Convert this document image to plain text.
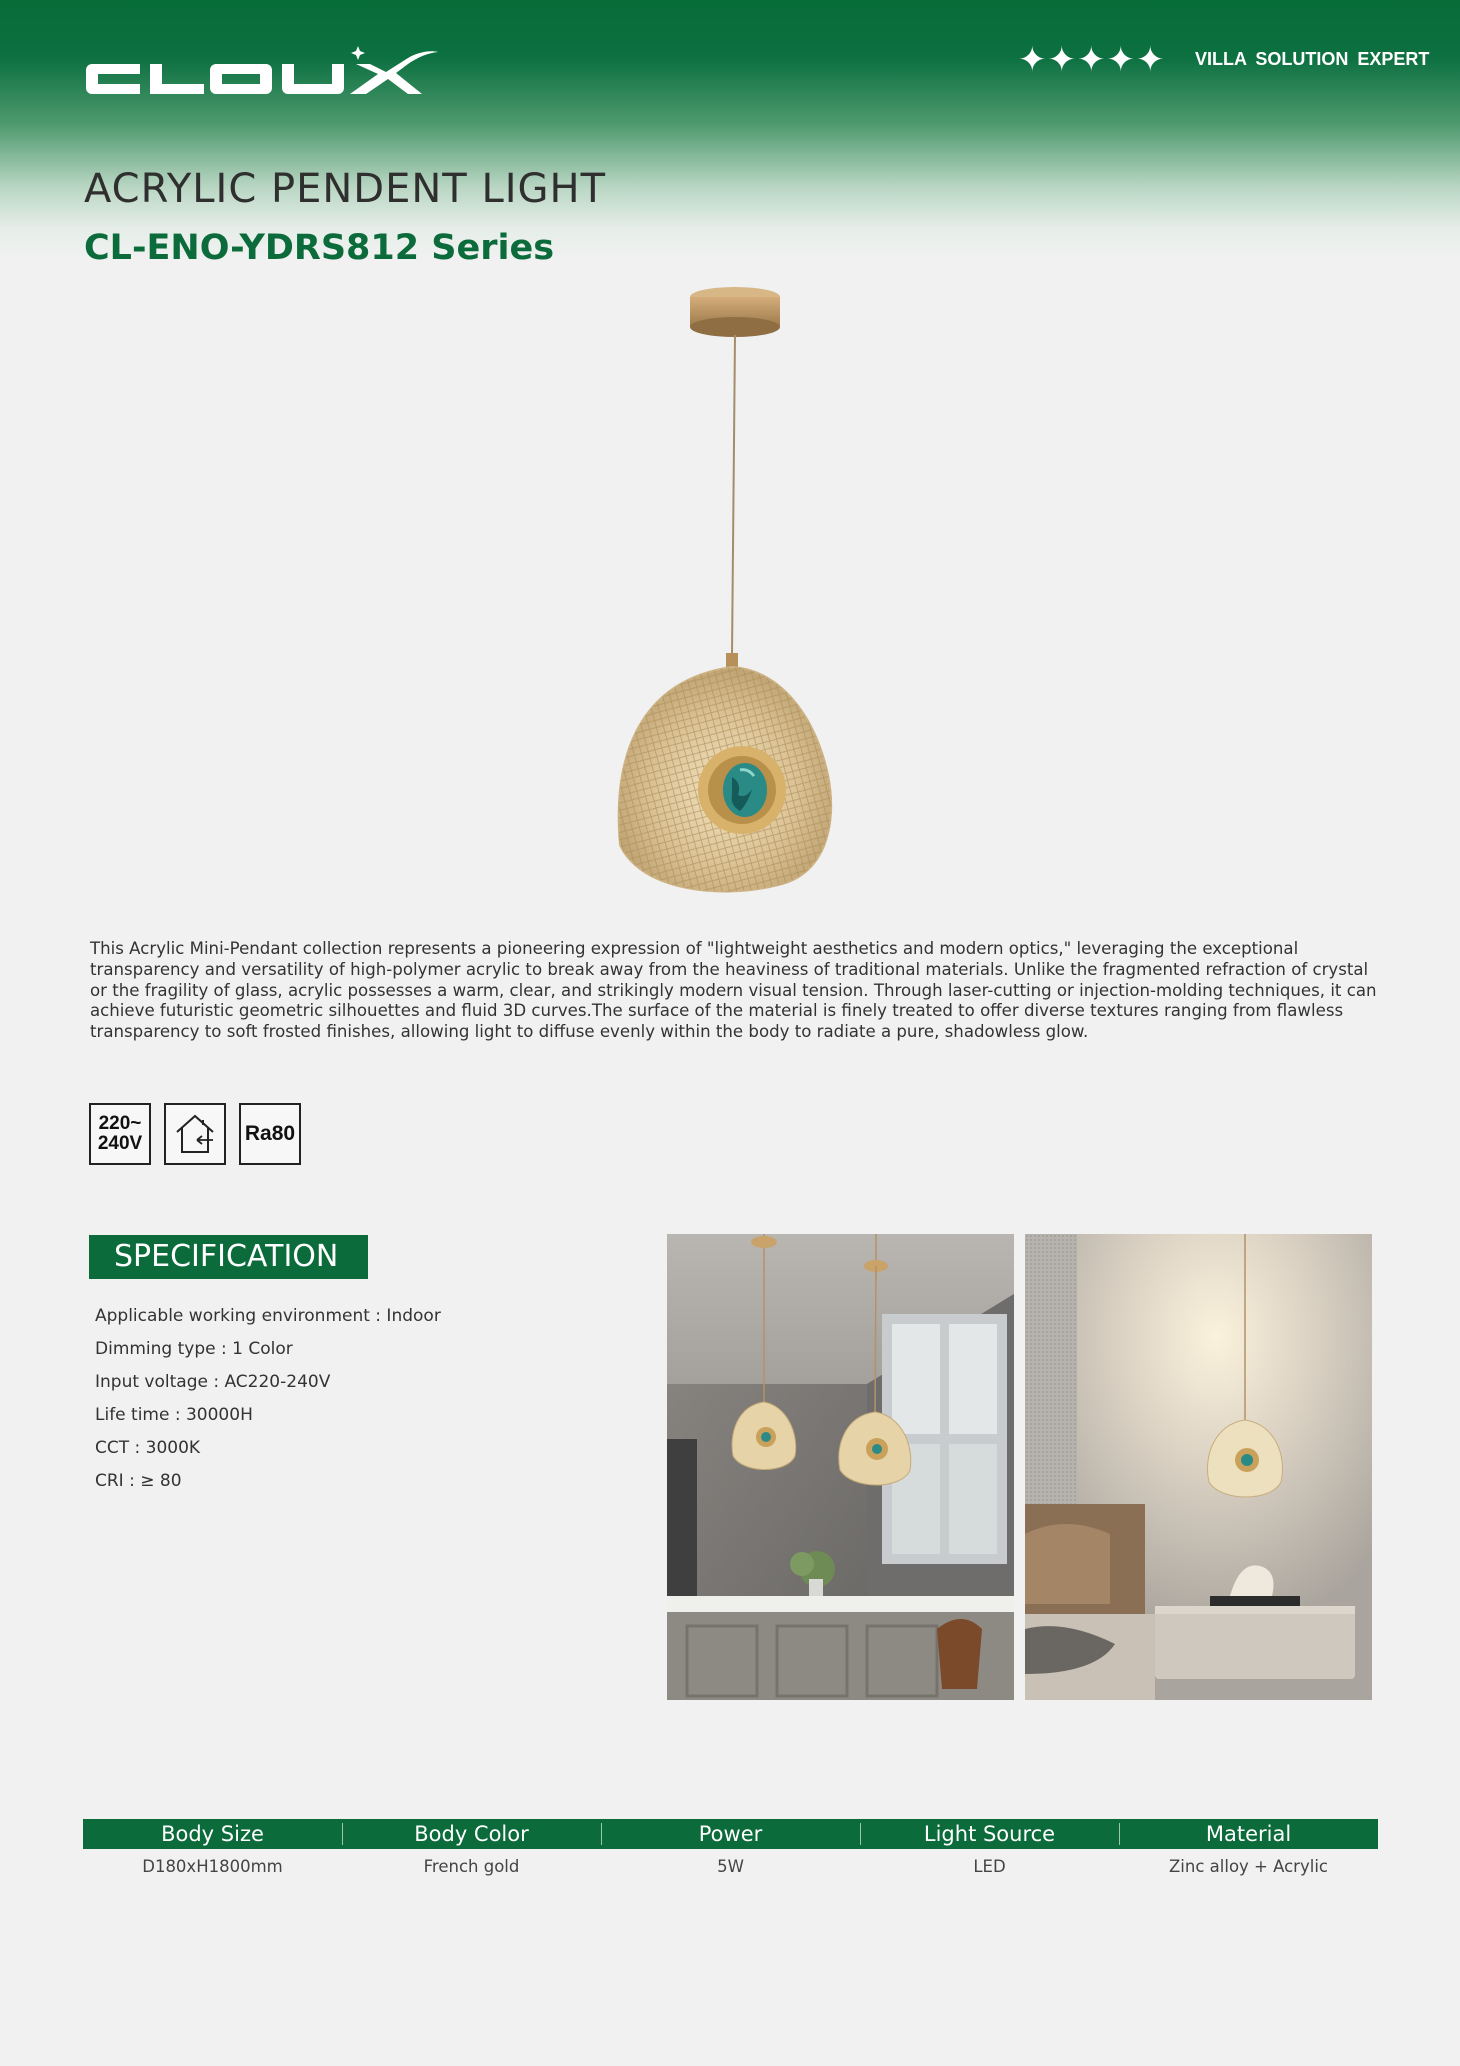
✦✦✦✦✦ VILLA SOLUTION EXPERT
ACRYLIC PENDENT LIGHT
CL-ENO-YDRS812 Series

This Acrylic Mini-Pendant collection represents a pioneering expression of "lightweight aesthetics and modern optics," leveraging the exceptional transparency and versatility of high-polymer acrylic to break away from the heaviness of traditional materials. Unlike the fragmented refraction of crystal or the fragility of glass, acrylic possesses a warm, clear, and strikingly modern visual tension. Through laser-cutting or injection-molding techniques, it can achieve futuristic geometric silhouettes and fluid 3D curves.The surface of the material is finely treated to offer diverse textures ranging from flawless transparency to soft frosted finishes, allowing light to diffuse evenly within the body to radiate a pure, shadowless glow.

220~
240V	Ra80
SPECIFICATION
Applicable working environment : Indoor
Dimming type : 1 Color
Input voltage : AC220-240V
Life time : 30000H
CCT : 3000K
CRI : ≥ 80
Body Size	Body Color	Power	Light Source	Material
D180xH1800mm	French gold	5W	LED	Zinc alloy + Acrylic
